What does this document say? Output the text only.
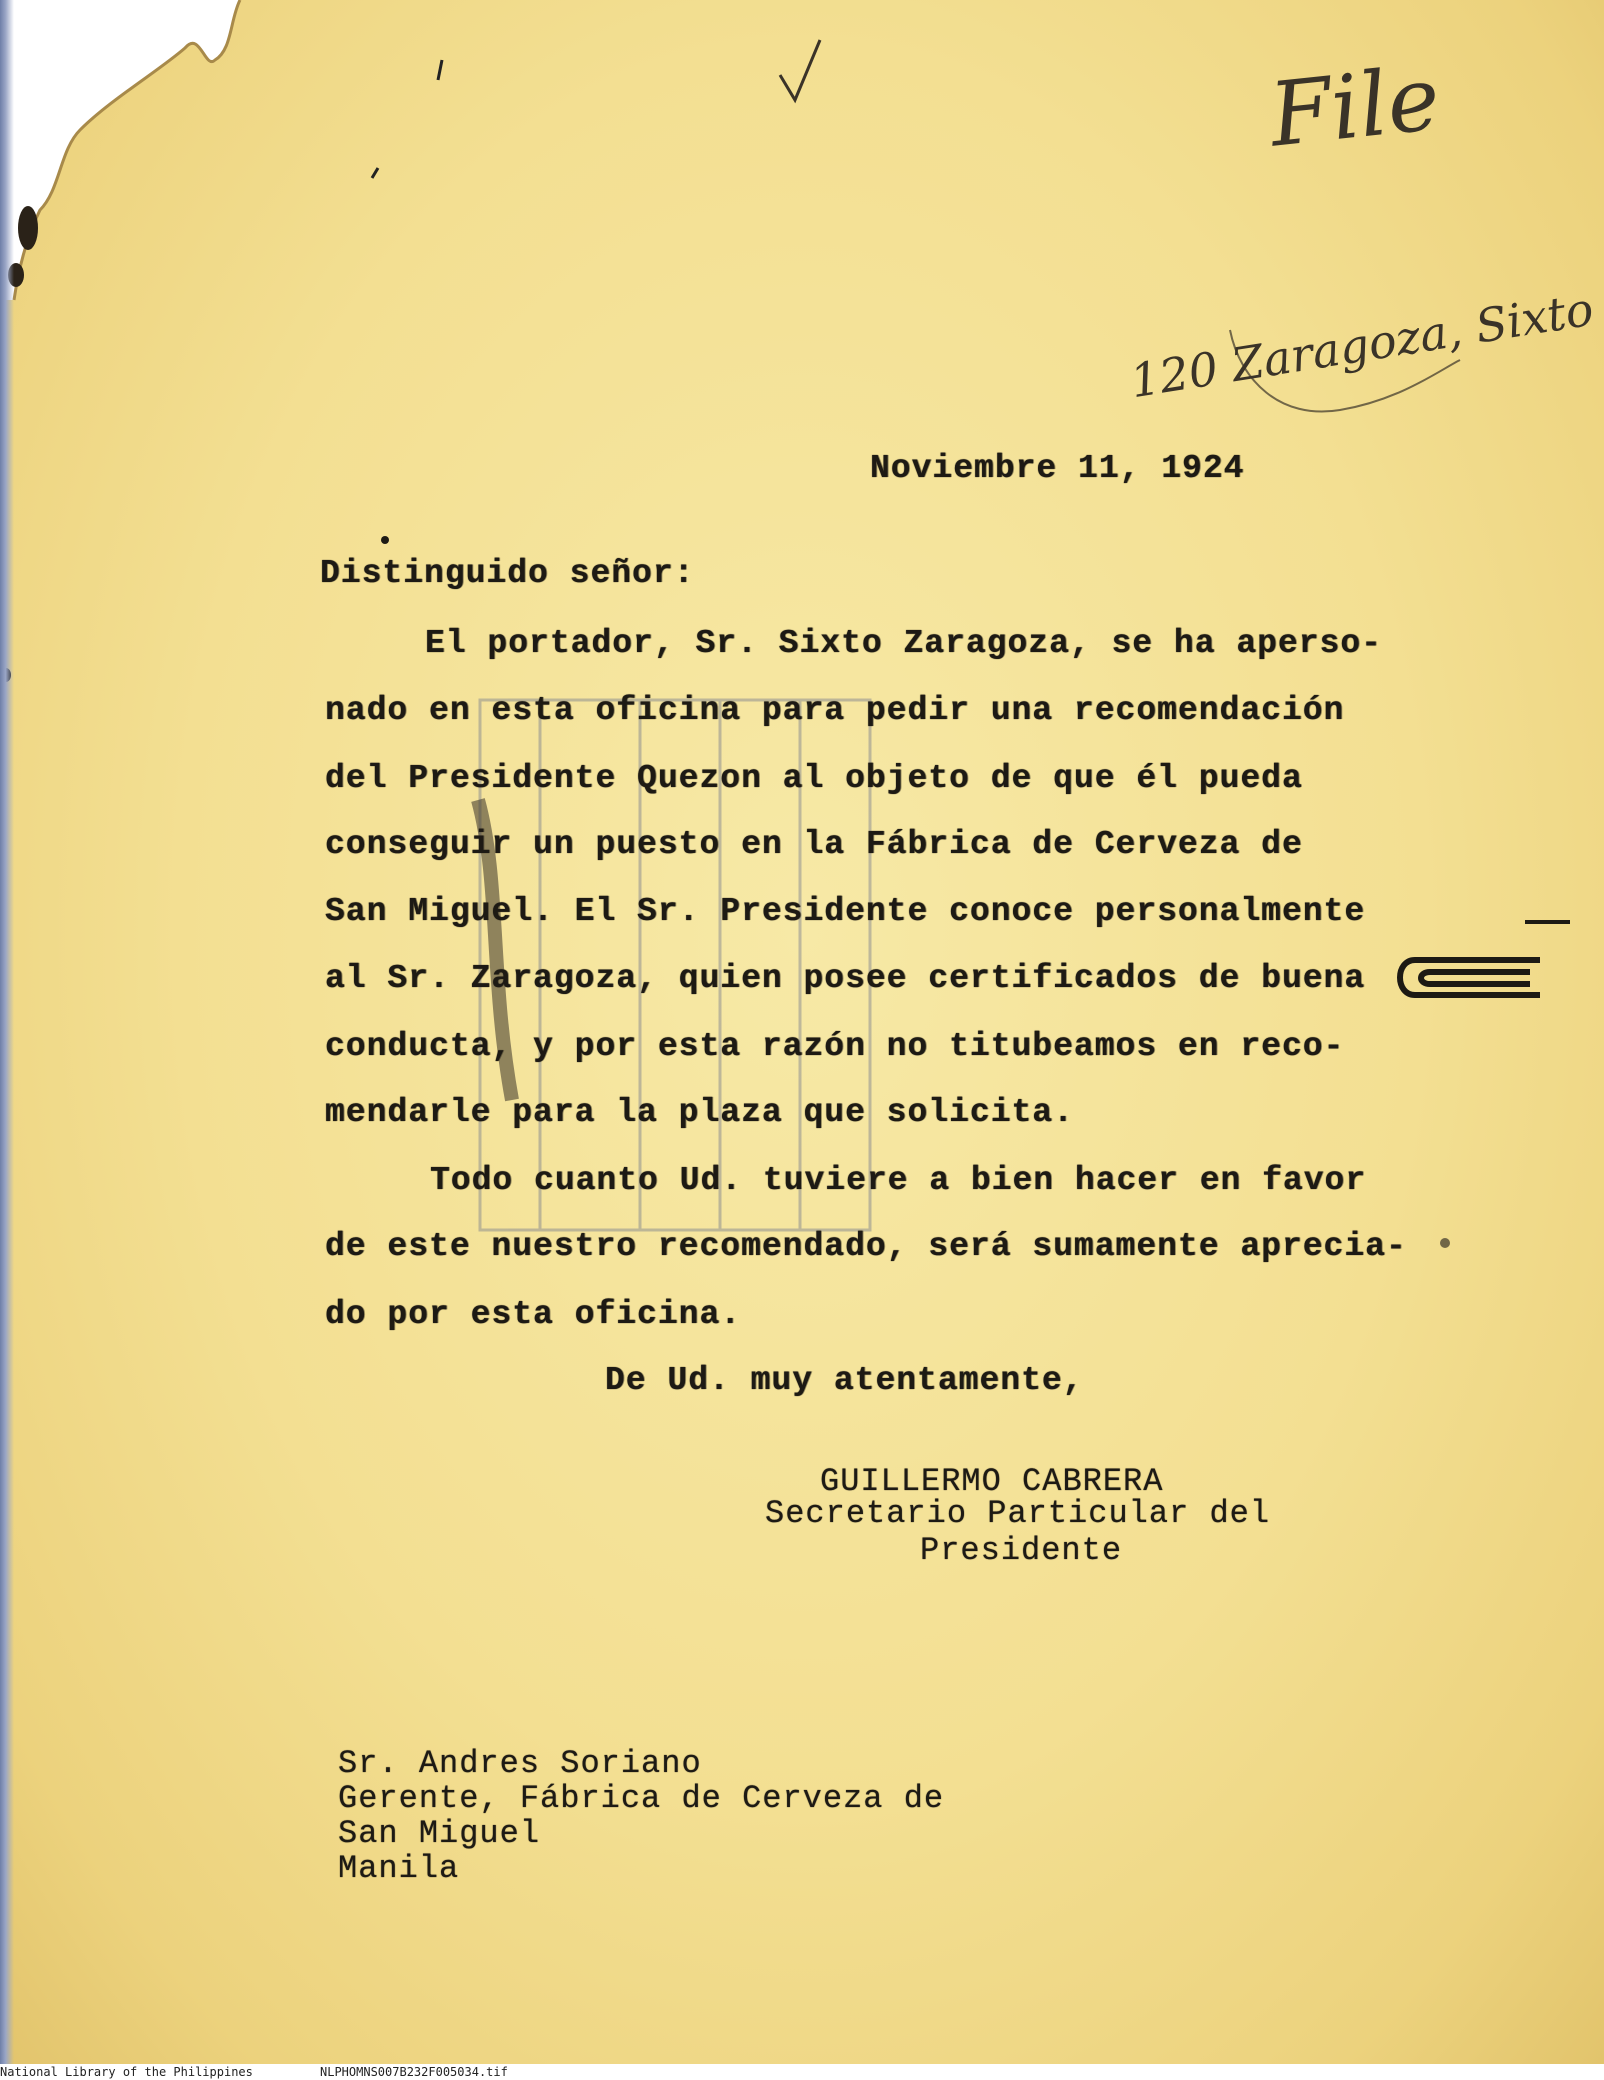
File
120 Zaragoza, Sixto
Noviembre 11, 1924
Distinguido señor:
El portador, Sr. Sixto Zaragoza, se ha aperso-
nado en esta oficina para pedir una recomendación
del Presidente Quezon al objeto de que él pueda
conseguir un puesto en la Fábrica de Cerveza de
San Miguel. El Sr. Presidente conoce personalmente
al Sr. Zaragoza, quien posee certificados de buena
conducta, y por esta razón no titubeamos en reco-
mendarle para la plaza que solicita.
Todo cuanto Ud. tuviere a bien hacer en favor
de este nuestro recomendado, será sumamente aprecia-
do por esta oficina.
De Ud. muy atentamente,
GUILLERMO CABRERA
Secretario Particular del
Presidente
Sr. Andres Soriano
Gerente, Fábrica de Cerveza de
San Miguel
Manila
National Library of the Philippines	NLPHOMNS007B232F005034.tif
